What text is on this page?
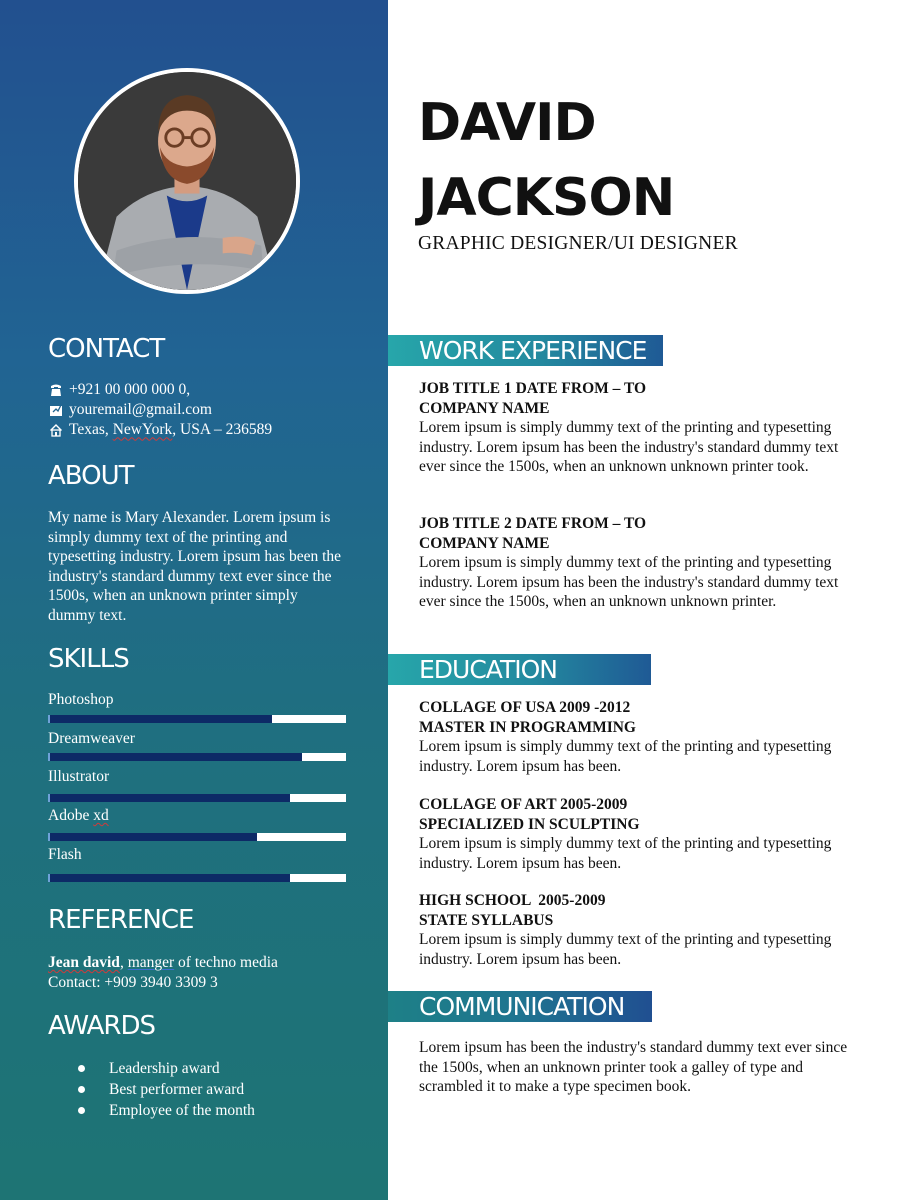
CONTACT
+921 00 000 000 0,
youremail@gmail.com
Texas, NewYork, USA – 236589
ABOUT

My name is Mary Alexander. Lorem ipsum is simply dummy text of the printing and typesetting industry. Lorem ipsum has been the industry's standard dummy text ever since the 1500s, when an unknown printer simply dummy text.

SKILLS
Photoshop
Dreamweaver
Illustrator
Adobe xd
Flash
REFERENCE
Jean david, manger of techno media
Contact: +909 3940 3309 3
AWARDS
Leadership award
Best performer award
Employee of the month
DAVID
JACKSON
GRAPHIC DESIGNER/UI DESIGNER
WORK EXPERIENCE
JOB TITLE 1 DATE FROM – TO
COMPANY NAME
Lorem ipsum is simply dummy text of the printing and typesetting industry. Lorem ipsum has been the industry's standard dummy text ever since the 1500s, when an unknown unknown printer took.
JOB TITLE 2 DATE FROM – TO
COMPANY NAME
Lorem ipsum is simply dummy text of the printing and typesetting industry. Lorem ipsum has been the industry's standard dummy text ever since the 1500s, when an unknown unknown printer.
EDUCATION
COLLAGE OF USA 2009 -2012
MASTER IN PROGRAMMING
Lorem ipsum is simply dummy text of the printing and typesetting industry. Lorem ipsum has been.
COLLAGE OF ART 2005-2009
SPECIALIZED IN SCULPTING
Lorem ipsum is simply dummy text of the printing and typesetting industry. Lorem ipsum has been.
HIGH SCHOOL  2005-2009
STATE SYLLABUS
Lorem ipsum is simply dummy text of the printing and typesetting industry. Lorem ipsum has been.
COMMUNICATION
Lorem ipsum has been the industry's standard dummy text ever since the 1500s, when an unknown printer took a galley of type and scrambled it to make a type specimen book.
